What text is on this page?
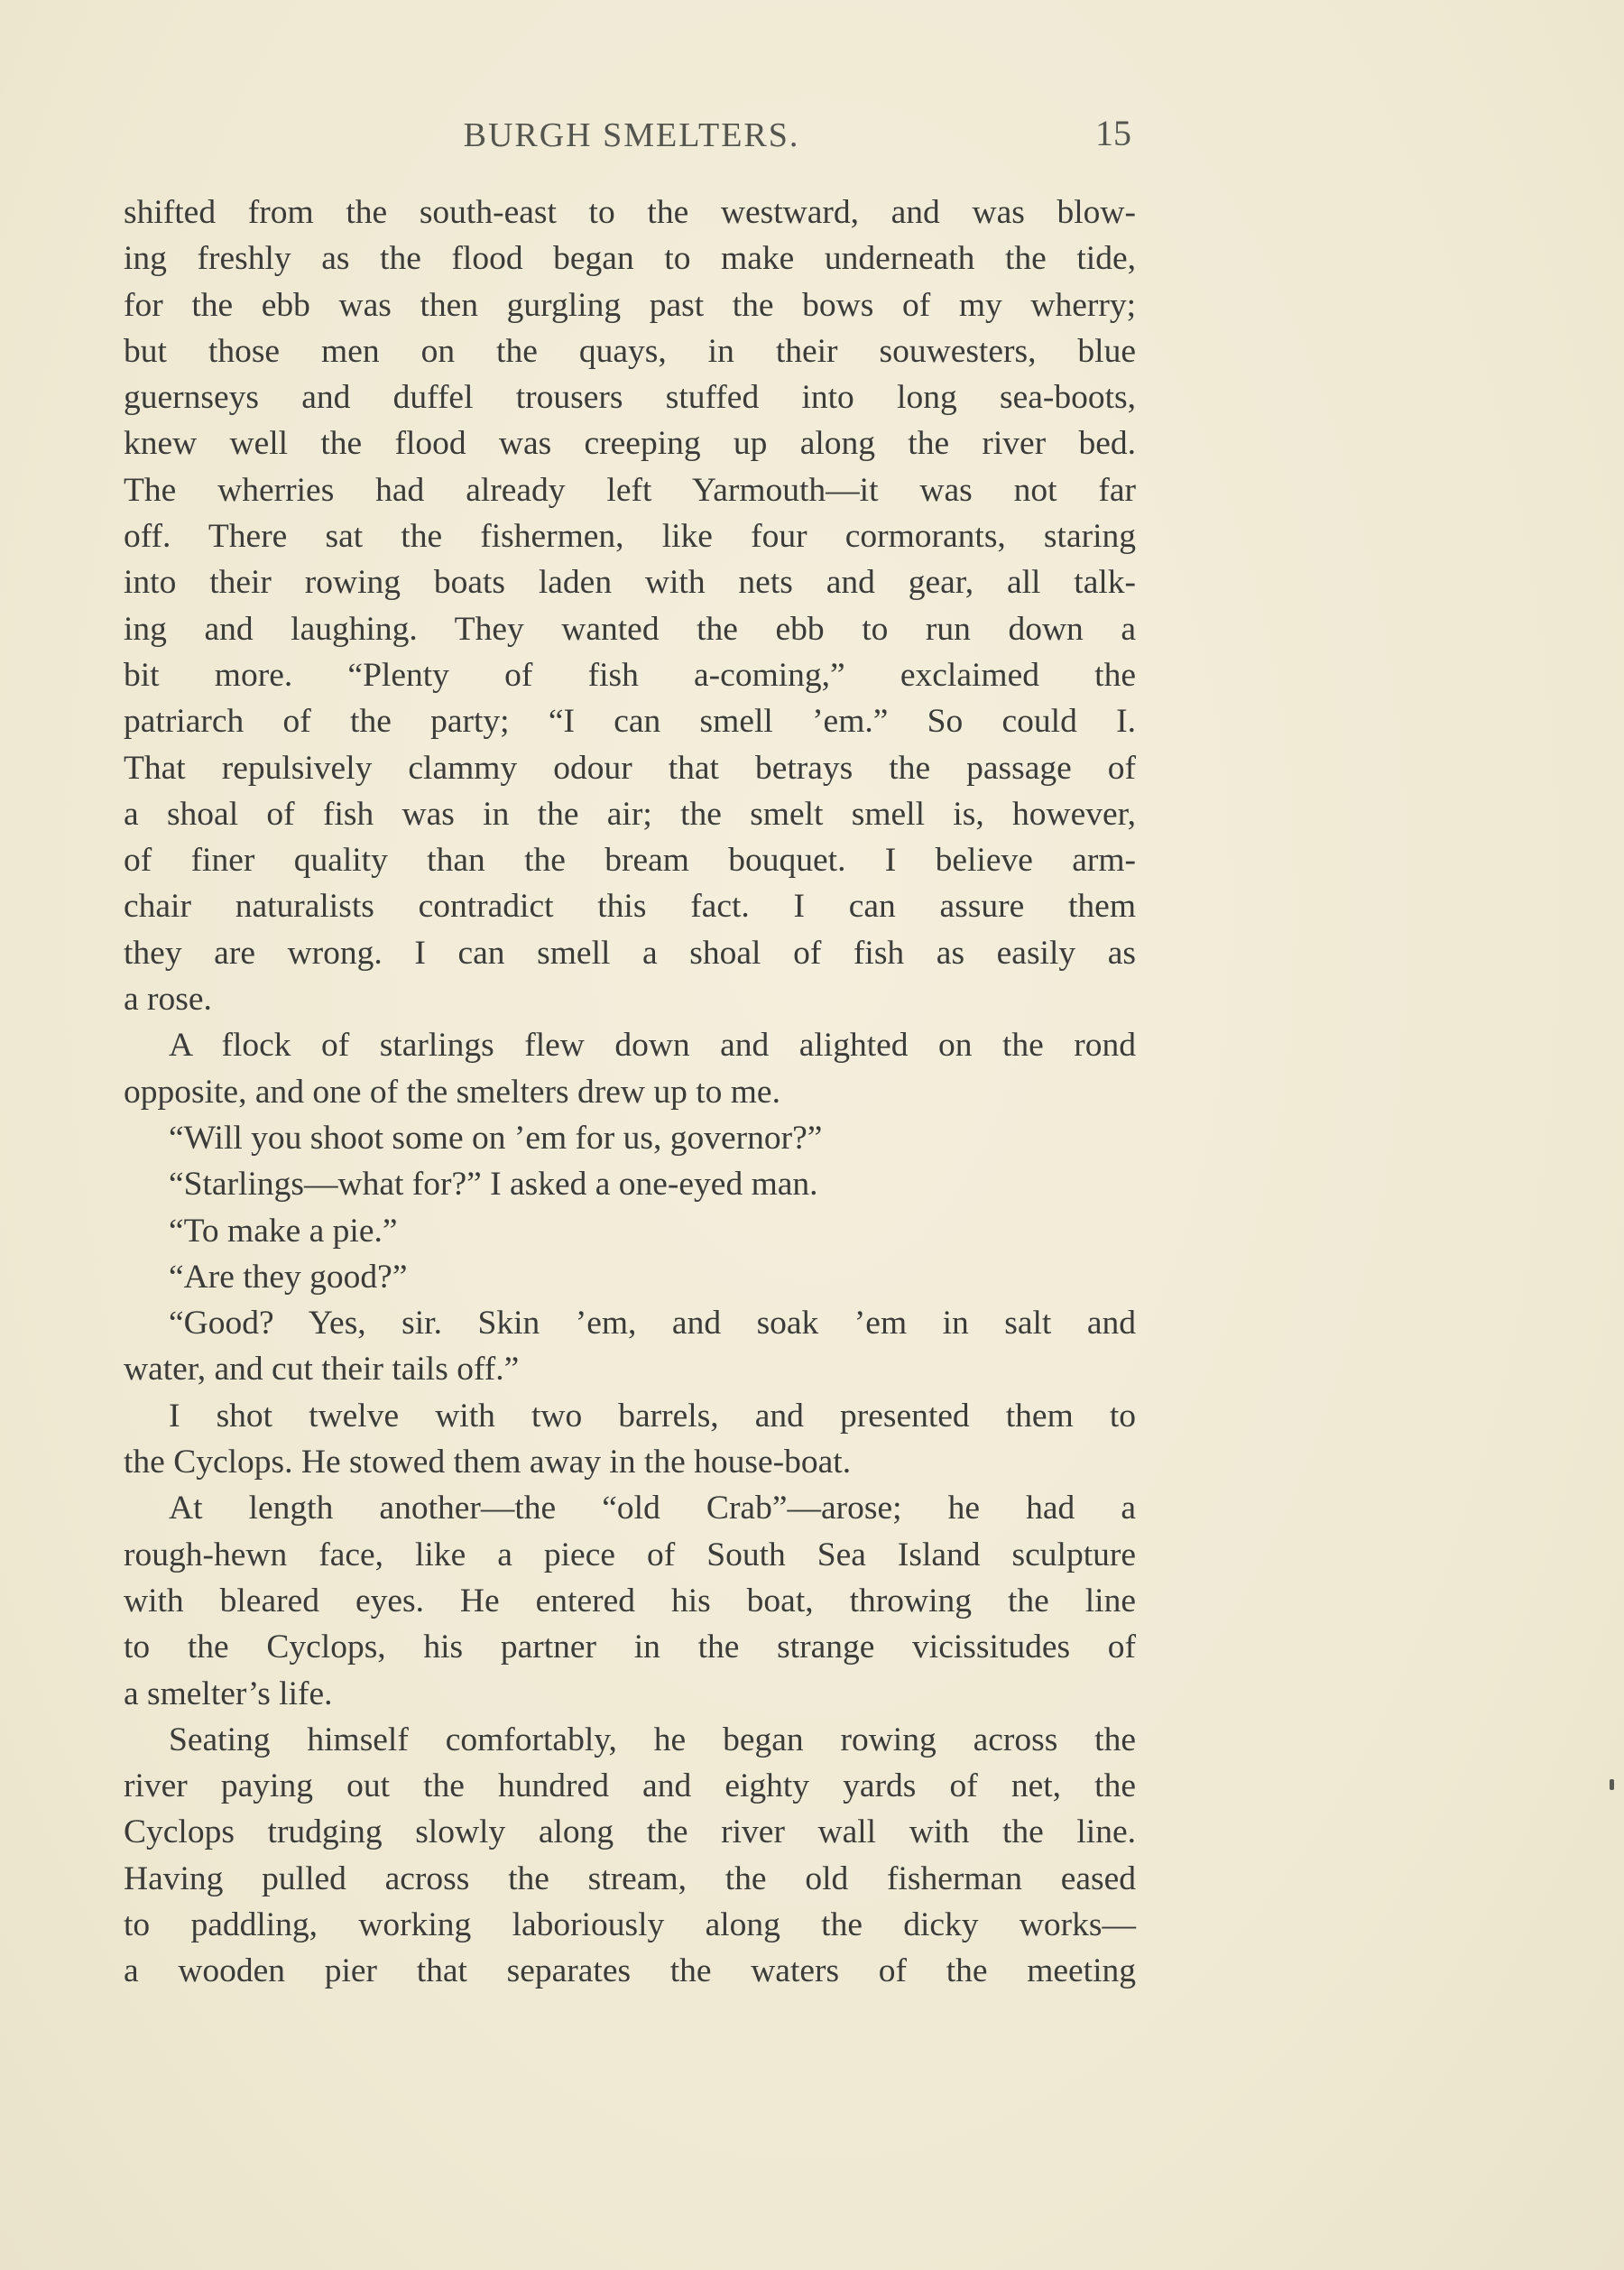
BURGH SMELTERS.	15
shifted from the south-east to the westward, and was blow-
ing freshly as the flood began to make underneath the tide,
for the ebb was then gurgling past the bows of my wherry;
but those men on the quays, in their souwesters, blue
guernseys and duffel trousers stuffed into long sea-boots,
knew well the flood was creeping up along the river bed.
The wherries had already left Yarmouth—it was not far
off. There sat the fishermen, like four cormorants, staring
into their rowing boats laden with nets and gear, all talk-
ing and laughing. They wanted the ebb to run down a
bit more. “Plenty of fish a-coming,” exclaimed the
patriarch of the party; “I can smell ’em.” So could I.
That repulsively clammy odour that betrays the passage of
a shoal of fish was in the air; the smelt smell is, however,
of finer quality than the bream bouquet. I believe arm-
chair naturalists contradict this fact. I can assure them
they are wrong. I can smell a shoal of fish as easily as
a rose.
A flock of starlings flew down and alighted on the rond
opposite, and one of the smelters drew up to me.
“Will you shoot some on ’em for us, governor?”
“Starlings—what for?” I asked a one-eyed man.
“To make a pie.”
“Are they good?”
“Good? Yes, sir. Skin ’em, and soak ’em in salt and
water, and cut their tails off.”
I shot twelve with two barrels, and presented them to
the Cyclops. He stowed them away in the house-boat.
At length another—the “old Crab”—arose; he had a
rough-hewn face, like a piece of South Sea Island sculpture
with bleared eyes. He entered his boat, throwing the line
to the Cyclops, his partner in the strange vicissitudes of
a smelter’s life.
Seating himself comfortably, he began rowing across the
river paying out the hundred and eighty yards of net, the
Cyclops trudging slowly along the river wall with the line.
Having pulled across the stream, the old fisherman eased
to paddling, working laboriously along the dicky works—
a wooden pier that separates the waters of the meeting
